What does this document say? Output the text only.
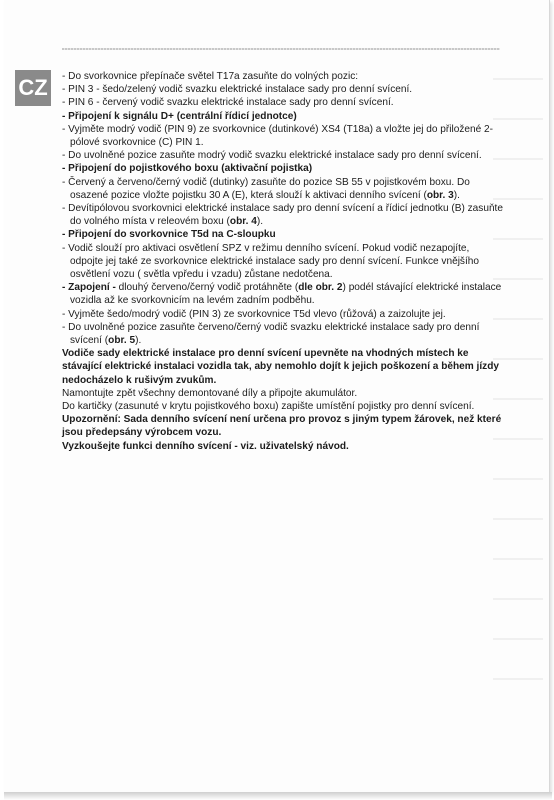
CZ	- Do svorkovnice přepínače světel T17a zasuňte do volných pozic:

- PIN 3 - šedo/zelený vodič svazku elektrické instalace sady pro denní svícení.

- PIN 6 - červený vodič svazku elektrické instalace sady pro denní svícení.

- Připojení k signálu D+ (centrální řídicí jednotce)

- Vyjměte modrý vodič (PIN 9) ze svorkovnice (dutinkové) XS4 (T18a) a vložte jej do přiložené 2-pólové svorkovnice (C) PIN 1.

- Do uvolněné pozice zasuňte modrý vodič svazku elektrické instalace sady pro denní svícení.

- Připojení do pojistkového boxu (aktivační pojistka)

- Červený a červeno/černý vodič (dutinky) zasuňte do pozice SB 55 v pojistkovém boxu. Do osazené pozice vložte pojistku 30 A (E), která slouží k aktivaci denního svícení (obr. 3).

- Devítipólovou svorkovnici elektrické instalace sady pro denní svícení a řídicí jednotku (B) zasuňte do volného místa v releovém boxu (obr. 4).

- Připojení do svorkovnice T5d na C-sloupku

- Vodič slouží pro aktivaci osvětlení SPZ v režimu denního svícení. Pokud vodič nezapojíte, odpojte jej také ze svorkovnice elektrické instalace sady pro denní svícení. Funkce vnějšího osvětlení vozu ( světla vpředu i vzadu) zůstane nedotčena.

- Zapojení - dlouhý červeno/černý vodič protáhněte (dle obr. 2) podél stávající elektrické instalace vozidla až ke svorkovnicím na levém zadním podběhu.

- Vyjměte šedo/modrý vodič (PIN 3) ze svorkovnice T5d vlevo (růžová) a zaizolujte jej.

- Do uvolněné pozice zasuňte červeno/černý vodič svazku elektrické instalace sady pro denní svícení (obr. 5).

Vodiče sady elektrické instalace pro denní svícení upevněte na vhodných místech ke stávající elektrické instalaci vozidla tak, aby nemohlo dojít k jejich poškození a během jízdy nedocházelo k rušivým zvukům.

Namontujte zpět všechny demontované díly a připojte akumulátor.

Do kartičky (zasunuté v krytu pojistkového boxu) zapište umístění pojistky pro denní svícení.

Upozornění: Sada denního svícení není určena pro provoz s jiným typem žárovek, než které jsou předepsány výrobcem vozu.

Vyzkoušejte funkci denního svícení - viz. uživatelský návod.
